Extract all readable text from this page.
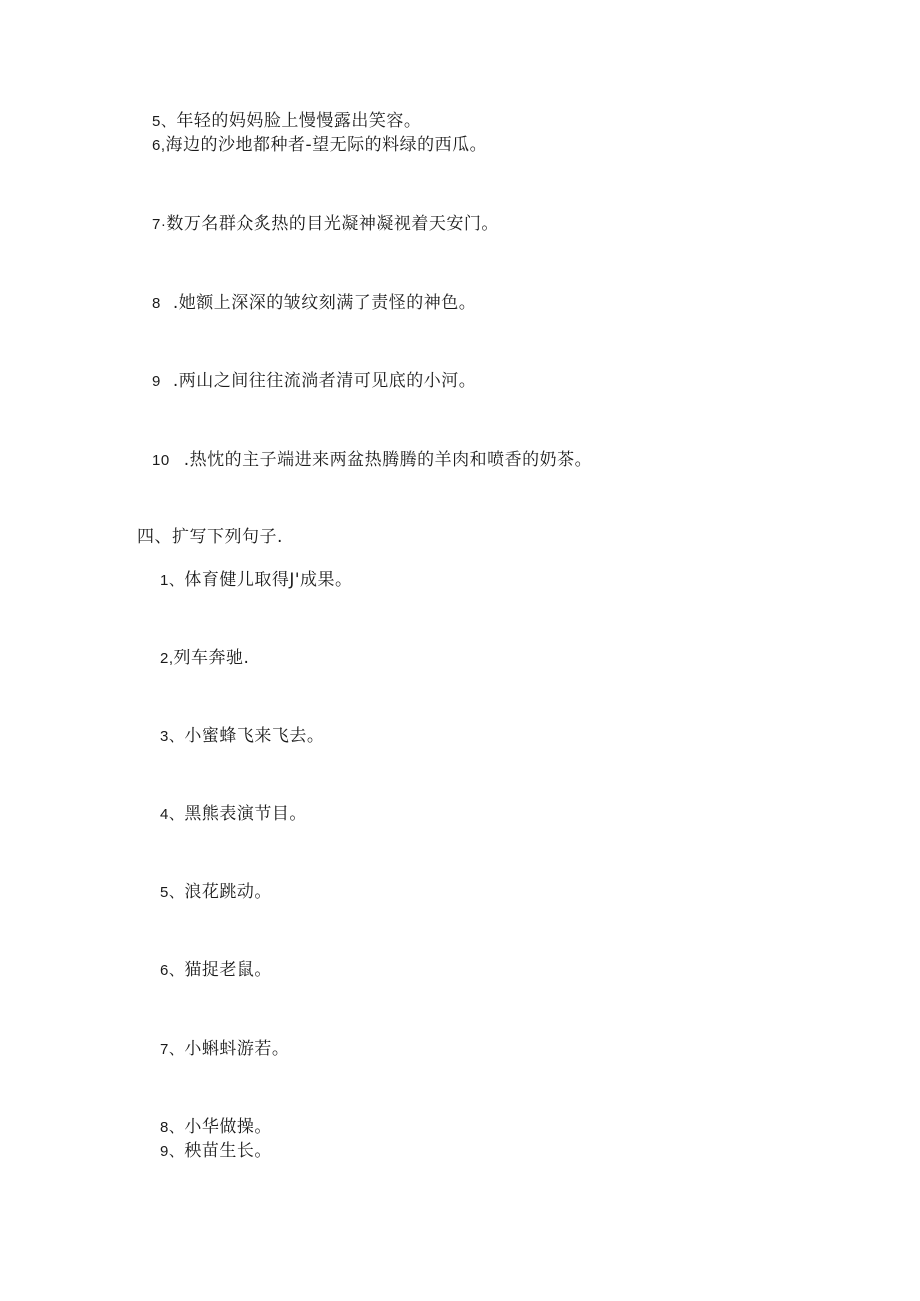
5、年轻的妈妈脸上慢慢露出笑容。
6,海边的沙地都种者-望无际的料绿的西瓜。
7·数万名群众炙热的目光凝神凝视着天安门。
8 .她额上深深的皱纹刻满了责怪的神色。
9 .两山之间往往流淌者清可见底的小河。
10 .热忱的主子端进来两盆热腾腾的羊肉和喷香的奶茶。
四、扩写下列句子.
1、体育健儿取得J'成果。
2,列车奔驰.
3、小蜜蜂飞来飞去。
4、黑熊表演节目。
5、浪花跳动。
6、猫捉老鼠。
7、小蝌蚪游若。
8、小华做操。
9、秧苗生长。
